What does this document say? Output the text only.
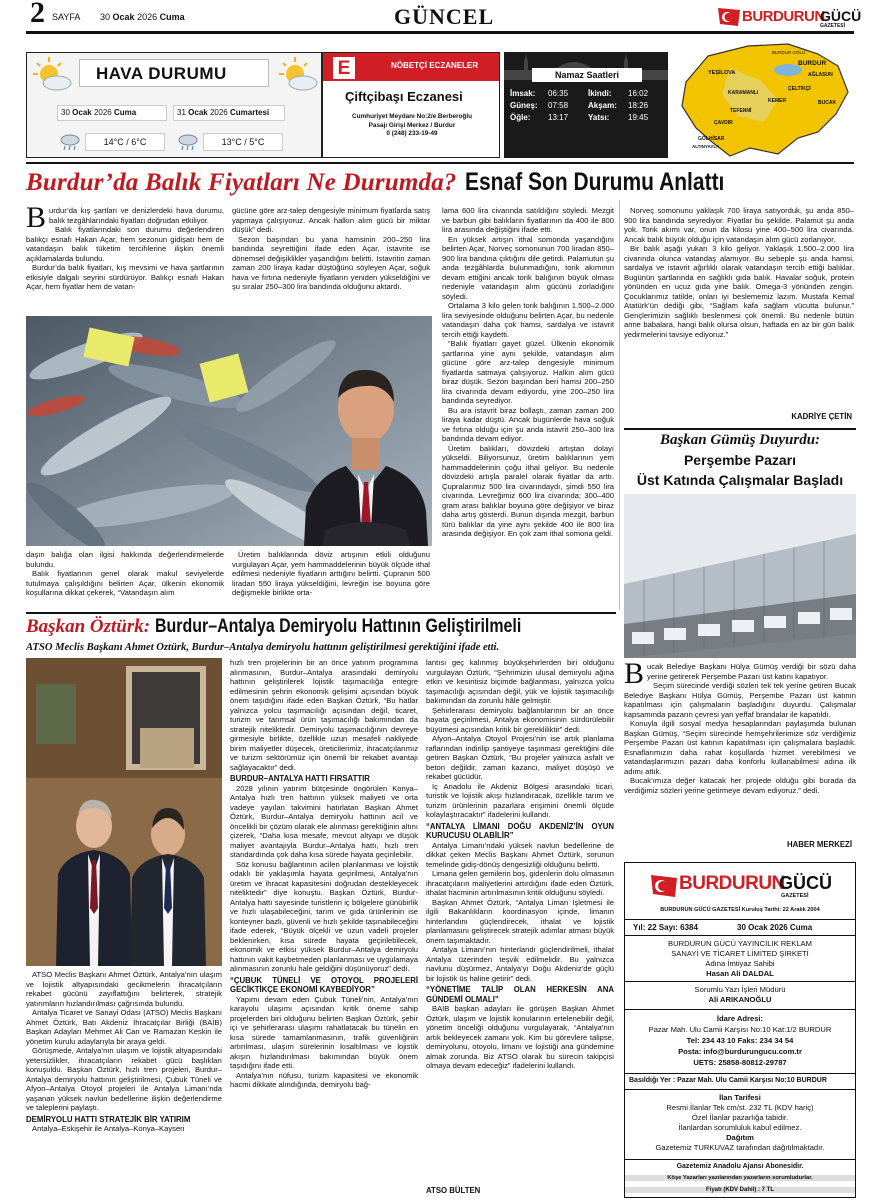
2 SAYFA 30 Ocak 2026 Cuma	GÜNCEL	BURDURUN
GÜCÜ
GAZETESİ
HAVA DURUMU
30 Ocak 2026 Cuma	31 Ocak 2026 Cumartesi
14°C / 6°C	13°C / 5°C
E	NÖBETÇİ ECZANELER
Çiftçibaşı Eczanesi
Cumhuriyet Meydanı No:2/e Berberoğlu
Pasajı Girişi Merkez / Burdur
0 (248) 233-19-49
Namaz Saatleri
İmsak:	06:35	İkindi:	16:02
Güneş:	07:58	Akşam:	18:26
Öğle:	13:17	Yatsı:	19:45
BURDUR GÖLÜ
BURDUR
YEŞİLOVA	AĞLASUN
KARAMANLI
ÇELTİKÇİ
KEMER
TEFENNİ
BUCAK
ÇAVDIR
GÖLHİSAR
ALTINYAYLA
Burdur’da Balık Fiyatları Ne Durumda? Esnaf Son Durumu Anlattı

Burdur’da kış şartları ve denizlerdeki hava durumu, balık tezgâhlarındaki fiyatları doğrudan etkiliyor.

Balık fiyatlarındaki son durumu değerlendiren balıkçı esnafı Hakan Açar, hem sezonun gidişatı hem de vatandaşın balık tüketim tercihlerine ilişkin önemli açıklamalarda bulundu.

Burdur’da balık fiyatları, kış mevsimi ve hava şartlarının etkisiyle dalgalı seyrini sürdürüyor. Balıkçı esnafı Hakan Açar, hem fiyatlar hem de vatan-

gücüne göre arz-talep dengesiyle minimum fiyatlarda satış yapmaya çalışıyoruz. Ancak halkın alım gücü bir miktar düşük” dedi.

Sezon başından bu yana hamsinin 200–250 lira bandında seyrettiğini ifade eden Açar, istavrite ise dönemsel değişiklikler yaşandığını belirtti. İstavritin zaman zaman 200 liraya kadar düştüğünü söyleyen Açar, soğuk hava ve fırtına nedeniyle fiyatların yeniden yükseldiğini ve şu sıralar 250–300 lira bandında olduğunu aktardı.

daşın balığa olan ilgisi hakkında değerlendirmelerde bulundu.

Balık fiyatlarının genel olarak makul seviyelerde tutulmaya çalışıldığını belirten Açar, ülkenin ekonomik koşullarına dikkat çekerek, “Vatandaşın alım

Üretim balıklarında döviz artışının etkili olduğunu vurgulayan Açar, yem hammaddelerinin büyük ölçüde ithal edilmesi nedeniyle fiyatların arttığını belirtti. Çupranın 500 liradan 550 liraya yükseldiğini, levreğin ise boyuna göre değişmekle birlikte orta-

lama 600 lira civarında satıldığını söyledi. Mezgit ve barbun gibi balıkların fiyatlarının da 400 ile 800 lira arasında değiştiğini ifade etti.

En yüksek artışın ithal somonda yaşandığını belirten Açar, Norveç somonunun 700 liradan 850–900 lira bandına çıktığını dile getirdi. Palamutun şu anda tezgâhlarda bulunmadığını, torik akımının devam ettiğini ancak torik balığının büyük olması nedeniyle vatandaşın alım gücünü zorladığını söyledi.

Ortalama 3 kilo gelen torik balığının 1.500–2.000 lira seviyesinde olduğunu belirten Açar, bu nedenle vatandaşın daha çok hamsi, sardalya ve istavrit tercih ettiği kaydetti.

“Balık fiyatları gayet güzel. Ülkenin ekonomik şartlarına yine aynı şekilde, vatandaşın alım gücüne göre arz-talep dengesiyle minimum fiyatlarda satmaya çalışıyoruz. Halkın alım gücü biraz düşük. Sezon başından beri hamsi 200–250 lira civarında devam ediyordu, yine 200–250 lira bandında seyrediyor.

Bu ara istavrit biraz bollaştı, zaman zaman 200 liraya kadar düştü. Ancak bugünlerde hava soğuk ve fırtına olduğu için şu anda istavrit 250–300 lira bandında devam ediyor.

Üretim balıkları, dövizdeki artıştan dolayı yükseldi. Biliyorsunuz, üretim balıklarının yem hammaddelerinin çoğu ithal geliyor. Bu nedenle dövizdeki artışla paralel olarak fiyatlar da arttı. Çupralarımız 500 lira civarındaydı, şimdi 550 lira civarında. Levreğimiz 600 lira civarında; 300–400 gram arası balıklar boyuna göre değişiyor ve biraz daha artış gösterdi. Bunun dışında mezgit, barbun türü balıklar da yine aynı şekilde 400 ile 800 lira arasında değişiyor. En çok zam ithal somona geldi.

Norveç somonunu yaklaşık 700 liraya satıyorduk, şu anda 850–900 lira bandında seyrediyor. Fiyatlar bu şekilde. Palamut şu anda yok. Torik akımı var, onun da kilosu yine 400–500 lira civarında. Ancak balık büyük olduğu için vatandaşın alım gücü zorlanıyor.

Bir balık aşağı yukarı 3 kilo geliyor. Yaklaşık 1.500–2.000 lira civarında olunca vatandaş alamıyor. Bu sebeple şu anda hamsi, sardalya ve istavrit ağırlıklı olarak vatandaşın tercih ettiği balıklar. Bugünün şartlarında en sağlıklı gıda balık. Havalar soğuk, protein yönünden en ucuz gıda yine balık. Omega-3 yönünden zengin. Çocuklarımız tatilde, onları iyi beslememiz lazım. Mustafa Kemal Atatürk’ün dediği gibi, “Sağlam kafa sağlam vücutta bulunur.” Gençlerimizin sağlıklı beslenmesi çok önemli. Bu nedenle bütün anne babalara, hangi balık olursa olsun, haftada en az bir gün balık yedirmelerini tavsiye ediyoruz.”

KADRİYE ÇETİN
Başkan Gümüş Duyurdu:
Perşembe Pazarı
Üst Katında Çalışmalar Başladı

Bucak Belediye Başkanı Hülya Gümüş verdiği bir sözü daha yerine getirerek Perşembe Pazarı üst katını kapatıyor.

Seçim sürecinde verdiği sözleri tek tek yerine getiren Bucak Belediye Başkanı Hülya Gümüş, Perşembe Pazarı üst katının kapatılması için çalışmaların başladığını duyurdu. Çalışmalar kapsamında pazarın çevresi yan yeffaf brandalar ile kapatıldı.

Konuyla ilgili sosyal medya hesaplarından paylaşımda bulunan Başkan Gümüş, “Seçim sürecinde hemşehrilerimize söz verdiğimiz Perşembe Pazarı üst katının kapatılması için çalışmalara başladık. Esnaflarımızın daha rahat koşullarda hizmet verebilmesi ve vatandaşlarımızın pazarı daha konforlu kullanabilmesi adına ilk adımı attık.

Bucak’ımıza değer katacak her projede olduğu gibi burada da verdiğimiz sözleri yerine getirmeye devam ediyoruz.” dedi.

HABER MERKEZİ
Başkan Öztürk: Burdur–Antalya Demiryolu Hattının Geliştirilmeli
ATSO Meclis Başkanı Ahmet Öztürk, Burdur–Antalya demiryolu hattının geliştirilmesi gerektiğini ifade etti.

ATSO Meclis Başkanı Ahmet Öztürk, Antalya’nın ulaşım ve lojistik altyapısındaki gecikmelerin ihracatçıların rekabet gücünü zayıflattığını belirterek, stratejik yatırımların hızlandırılması çağrısında bulundu.

Antalya Ticaret ve Sanayi Odası (ATSO) Meclis Başkanı Ahmet Öztürk, Batı Akdeniz İhracatçılar Birliği (BAİB) Başkan Adayları Mehmet Ali Can ve Ramazan Keskin ile yönetim kurulu adaylarıyla bir araya geldi.

Görüşmede, Antalya’nın ulaşım ve lojistik altyapısındaki yetersizlikler, ihracatçıların rekabet gücü başlıkları konuşuldu. Başkan Öztürk, hızlı tren projeleri, Burdur–Antalya demiryolu hattının geliştirilmesi, Çubuk Tüneli ve Afyon–Antalya Otoyol projeleri ile Antalya Limanı’nda yaşanan yüksek navlun bedellerine ilişkin değerlendirme ve taleplerini paylaştı.

DEMİRYOLU HATTI STRATEJİK BİR YATIRIM

Antalya–Eskişehir ile Antalya–Konya–Kayseri

hızlı tren projelerinin bir an önce yatırım programına alınmasının, Burdur–Antalya arasındaki demiryolu hattının geliştirilerek lojistik taşımacılığa entegre edilmesinin şehrin ekonomik gelişimi açısından büyük önem taşıdığını ifade eden Başkan Öztürk, “Bu hatlar yalnızca yolcu taşımacılığı açısından değil, ticaret, turizm ve tarımsal ürün taşımacılığı bakımından da stratejik niteliktedir. Demiryolu taşımacılığının devreye girmesiyle birlikte, özellikle uzun mesafeli nakliyede birim maliyetler düşecek, üreticilerimiz, ihracatçılarımız ve turizm sektörümüz için önemli bir rekabet avantajı sağlayacaktır” dedi.

BURDUR–ANTALYA HATTI FIRSATTIR

2028 yılının yatırım bütçesinde öngörülen Konya–Antalya hızlı tren hattının yüksek maliyeti ve orta vadeye yayılan takvimini hatırlatan Başkan Ahmet Öztürk, Burdur–Antalya demiryolu hattının acil ve öncelikli bir çözüm olarak ele alınması gerektiğinin altını çizerek, “Daha kısa mesafe, mevcut altyapı ve düşük maliyet avantajıyla Burdur–Antalya hattı, hızlı tren standardında çok daha kısa sürede hayata geçirilebilir.

Söz konusu bağlantının acilen planlanması ve lojistik odaklı bir yaklaşımla hayata geçirilmesi, Antalya’nın üretim ve ihracat kapasitesini doğrudan destekleyecek niteliktedir” diye konuştu. Başkan Öztürk, Burdur-Antalya hattı sayesinde turistlerin iç bölgelere günübirlik ve hızlı ulaşabileceğini, tarım ve gıda ürünlerinin ise konteyner bazlı, güvenli ve hızlı şekilde taşınabileceğini ifade ederek, “Büyük ölçekli ve uzun vadeli projeler beklenirken, kısa sürede hayata geçirilebilecek, ekonomik ve etkisi yüksek Burdur–Antalya demiryolu hattının vakit kaybetmeden planlanması ve uygulamaya alınmasının zorunlu hale geldiğini düşünüyoruz” dedi.

“ÇUBUK TÜNELİ VE OTOYOL PROJELERİ GECİKTİKÇE EKONOMİ KAYBEDİYOR”

Yapımı devam eden Çubuk Tüneli’nin, Antalya’nın karayolu ulaşımı açısından kritik öneme sahip projelerden biri olduğunu belirten Başkan Öztürk, şehir içi ve şehirlerarası ulaşımı rahatlatacak bu tünelin en kısa sürede tamamlanmasının, trafik güvenliğinin artırılması, ulaşım sürelerinin kısaltılması ve lojistik akışın hızlandırılması bakımından büyük önem taşıdığını ifade etti.

Antalya’nın nüfusu, turizm kapasitesi ve ekonomik hacmi dikkate alındığında, demiryolu bağ-

lantısı geç kalınmış büyükşehirlerden biri olduğunu vurgulayan Öztürk, “Şehrimizin ulusal demiryolu ağına etkin ve kesintisiz biçimde bağlanması, yalnızca yolcu taşımacılığı açısından değil, yük ve lojistik taşımacılığı bakımından da zorunlu hâle gelmiştir.

Şehirlerarası demiryolu bağlantılarının bir an önce hayata geçirilmesi, Antalya ekonomisinin sürdürülebilir büyümesi açısından kritik bir gerekliliktir” dedi.

Afyon–Antalya Otoyol Projesi’nin ise artık planlama raflarından indirilip şantiyeye taşınması gerektiğini dile getiren Başkan Öztürk, “Bu projeler yalnızca asfalt ve beton değildir, zaman kazancı, maliyet düşüşü ve rekabet gücüdür.

İç Anadolu ile Akdeniz Bölgesi arasındaki ticari, turistik ve lojistik akışı hızlandıracak, özellikle tarım ve turizm ürünlerinin pazarlara erişimini önemli ölçüde kolaylaştıracaktır” ifadelerini kullandı.

“ANTALYA LİMANI DOĞU AKDENİZ’İN OYUN KURUCUSU OLABİLİR”

Antalya Limanı’ndaki yüksek navlun bedellerine de dikkat çeken Meclis Başkanı Ahmet Öztürk, sorunun temelinde gidiş-dönüş dengesizliği olduğunu belirtti.

Limana gelen gemilerin boş, gidenlerin dolu olmasının ihracatçıların maliyetlerini artırdığını ifade eden Öztürk, ithalat hacminin artırılmasının kritik olduğunu söyledi.

Başkan Ahmet Öztürk, “Antalya Liman İşletmesi ile ilgili Bakanlıkların koordinasyon içinde, limanın hinterlandını güçlendirecek, ithalat ve lojistik planlamasını geliştirecek stratejik adımlar atması büyük önem taşımaktadır.

Antalya Limanı’nın hinterlandı güçlendirilmeli, ithalat Antalya üzerinden teşvik edilmelidir. Bu yalnızca navlunu düşürmez, Antalya’yı Doğu Akdeniz’de güçlü bir lojistik üs haline getirir” dedi.

“YÖNETİME TALİP OLAN HERKESİN ANA GÜNDEMİ OLMALI”

BAİB başkan adayları ile görüşen Başkan Ahmet Öztürk, ulaşım ve lojistik konularının ertelenebilir değil, yönetim önceliği olduğunu vurgulayarak, “Antalya’nın artık bekleyecek zamanı yok. Kim bu görevlere talipse, demiryolunu, otoyolu, limanı ve lojistiği ana gündemine almak zorunda. Biz ATSO olarak bu sürecin takipçisi olmaya devam edeceğiz” ifadelerini kullandı.

ATSO BÜLTEN
BURDURUN
GÜCÜ
GAZETESİ
BURDURUN GÜCÜ GAZETESİ Kuruluş Tarihi: 22 Aralık 2004
Yıl: 22 Sayı: 6384	30 Ocak 2026 Cuma
BURDURUN GÜCÜ YAYINCILIK REKLAM
SANAYİ VE TİCARET LİMİTED ŞİRKETİ
Adına İmtiyaz Sahibi
Hasan Ali DALDAL
Sorumlu Yazı İşleri Müdürü
Ali ARIKANOĞLU
İdare Adresi:
Pazar Mah. Ulu Camii Karşısı No:10 Kat:1/2 BURDUR
Tel: 234 43 10 Faks: 234 34 54
Posta: info@burdurungucu.com.tr
UETS: 25858-80812-29787
Basıldığı Yer : Pazar Mah. Ulu Camii Karşısı No:10 BURDUR
İlan Tarifesi
Resmi İlanlar Tek cm/st. 232 TL (KDV hariç)
Özel İlanlar pazarlığa tabidir.
İlanlardan sorumluluk kabul edilmez.
Dağıtım
Gazetemiz TURKUVAZ tarafından dağıtılmaktadır.
Gazetemiz Anadolu Ajansı Abonesidir.
Köşe Yazarları yazılarından yazarların sorumludurlar.
Fiyatı (KDV Dahil) : 7 TL
